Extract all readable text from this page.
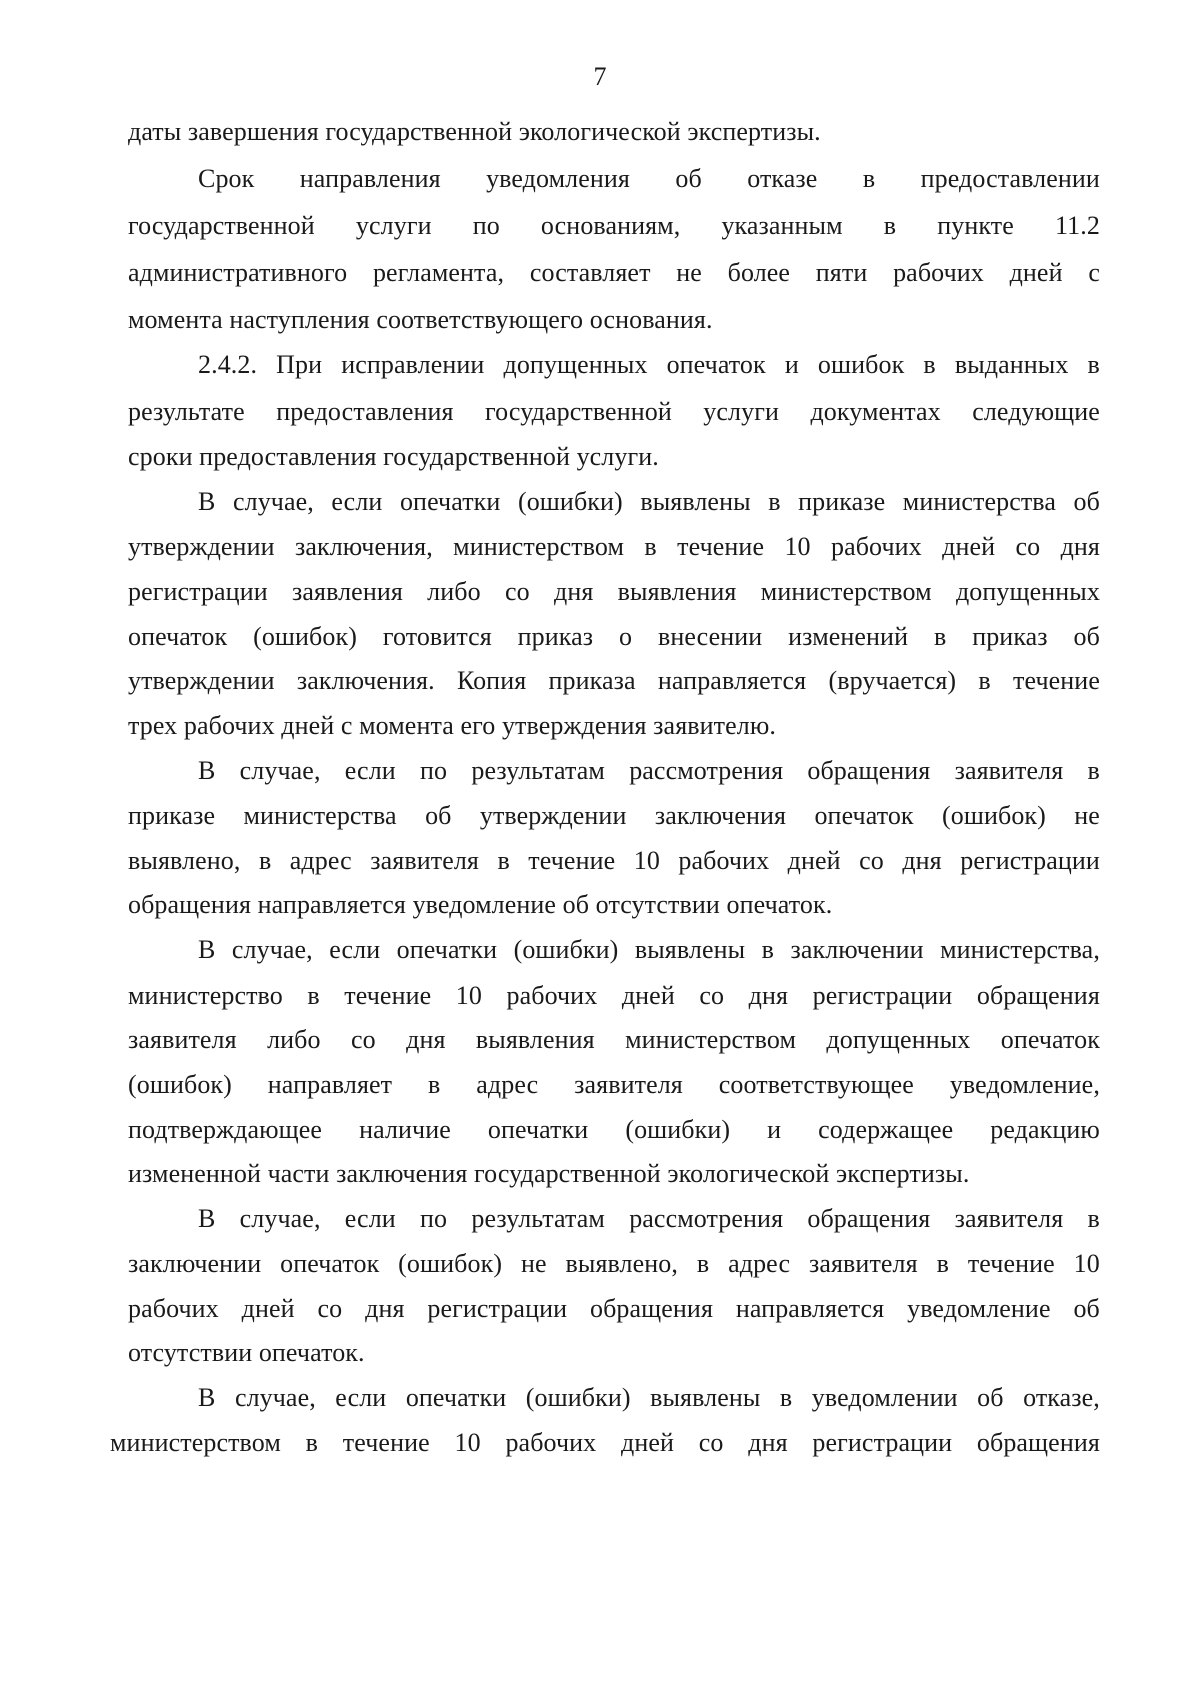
7
даты завершения государственной экологической экспертизы.
Срок направления уведомления об отказе в предоставлении
государственной услуги по основаниям, указанным в пункте 11.2
административного регламента, составляет не более пяти рабочих дней с
момента наступления соответствующего основания.
2.4.2. При исправлении допущенных опечаток и ошибок в выданных в
результате предоставления государственной услуги документах следующие
сроки предоставления государственной услуги.
В случае, если опечатки (ошибки) выявлены в приказе министерства об
утверждении заключения, министерством в течение 10 рабочих дней со дня
регистрации заявления либо со дня выявления министерством допущенных
опечаток (ошибок) готовится приказ о внесении изменений в приказ об
утверждении заключения. Копия приказа направляется (вручается) в течение
трех рабочих дней с момента его утверждения заявителю.
В случае, если по результатам рассмотрения обращения заявителя в
приказе министерства об утверждении заключения опечаток (ошибок) не
выявлено, в адрес заявителя в течение 10 рабочих дней со дня регистрации
обращения направляется уведомление об отсутствии опечаток.
В случае, если опечатки (ошибки) выявлены в заключении министерства,
министерство в течение 10 рабочих дней со дня регистрации обращения
заявителя либо со дня выявления министерством допущенных опечаток
(ошибок) направляет в адрес заявителя соответствующее уведомление,
подтверждающее наличие опечатки (ошибки) и содержащее редакцию
измененной части заключения государственной экологической экспертизы.
В случае, если по результатам рассмотрения обращения заявителя в
заключении опечаток (ошибок) не выявлено, в адрес заявителя в течение 10
рабочих дней со дня регистрации обращения направляется уведомление об
отсутствии опечаток.
В случае, если опечатки (ошибки) выявлены в уведомлении об отказе,
министерством в течение 10 рабочих дней со дня регистрации обращения
